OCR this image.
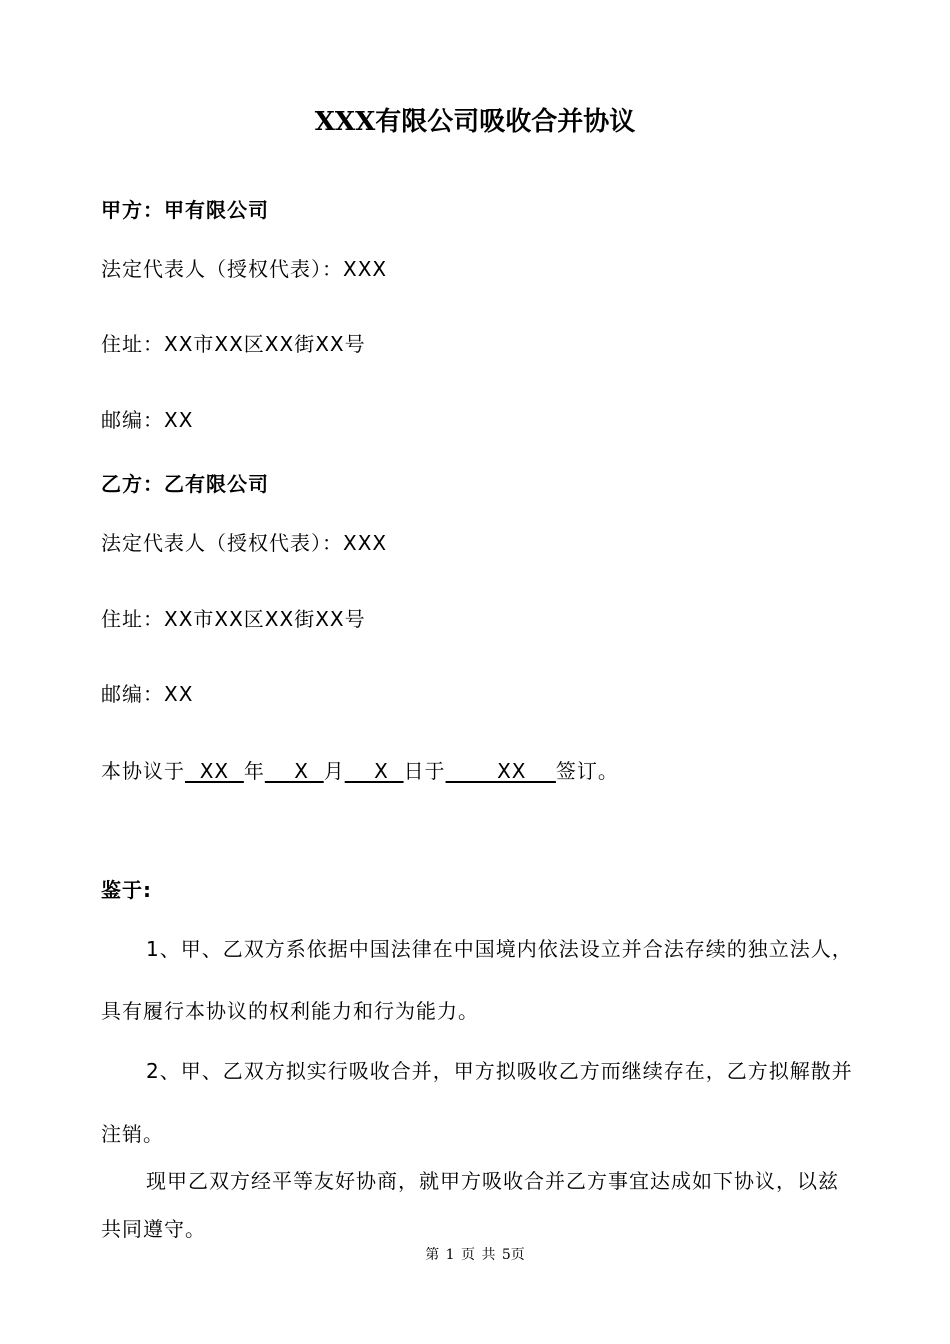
XXX有限公司吸收合并协议
甲方：甲有限公司
法定代表人（授权代表）：XXX
住址：XX市XX区XX街XX号
邮编：XX
乙方：乙有限公司
法定代表人（授权代表）：XXX
住址：XX市XX区XX街XX号
邮编：XX
本协议于  XX  年    X  月    X  日于       XX    签订。
鉴于:
1、甲、乙双方系依据中国法律在中国境内依法设立并合法存续的独立法人，
具有履行本协议的权利能力和行为能力。
2、甲、乙双方拟实行吸收合并，甲方拟吸收乙方而继续存在，乙方拟解散并
注销。
现甲乙双方经平等友好协商，就甲方吸收合并乙方事宜达成如下协议，以兹
共同遵守。
第 1 页 共 5页
